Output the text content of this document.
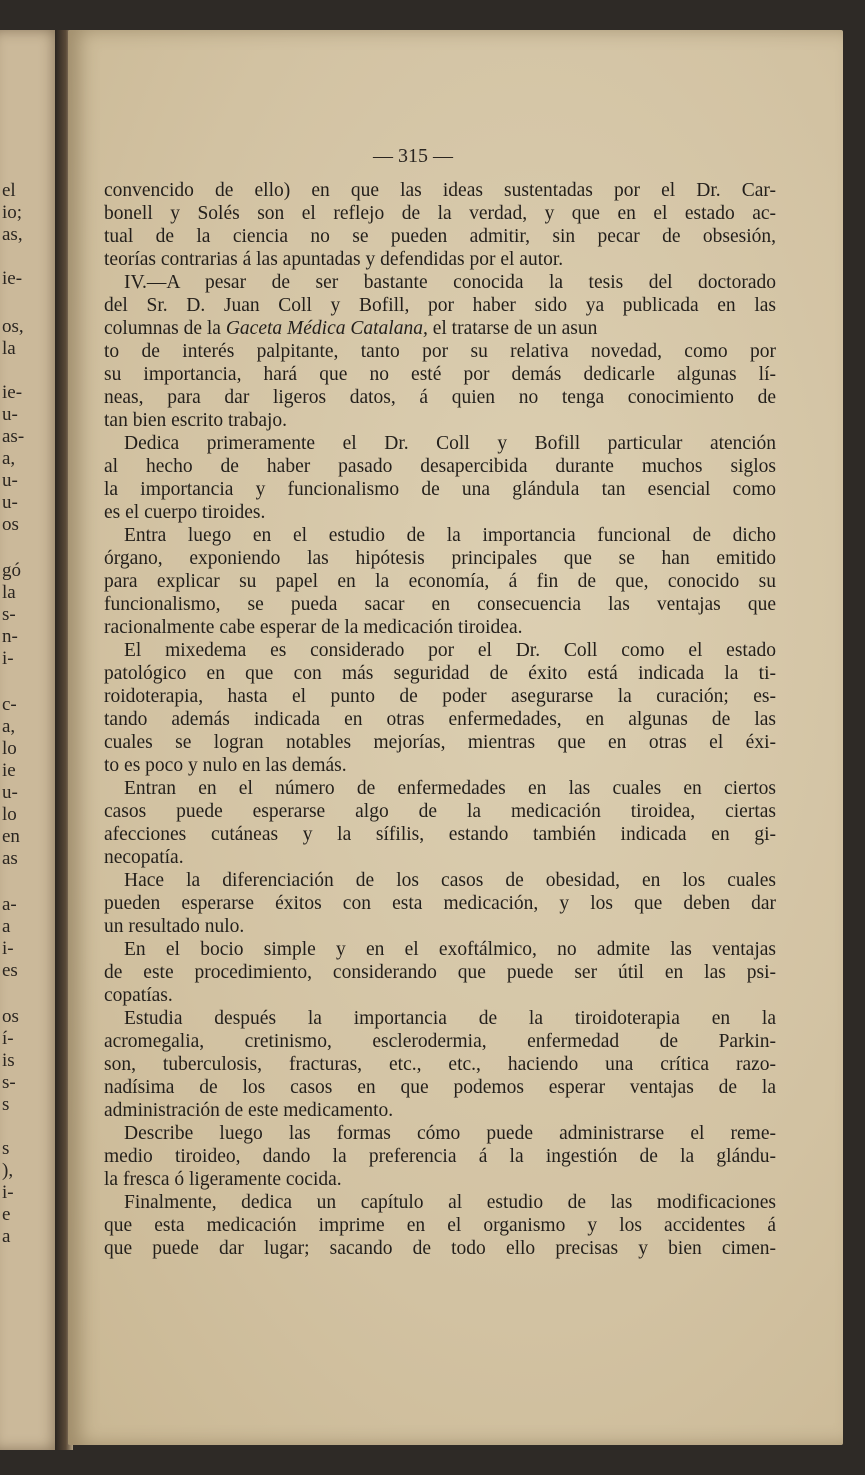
el
io;
as,
ie-
os,
la
ie-
u-
as-
a,
u-
u-
os
gó
la
s-
n-
i-
c-
a,
lo
ie
u-
lo
en
as
a-
a
i-
es
os
í-
is
s-
s
s
),
i-
e
a
— 315 —
convencido de ello) en que las ideas sustentadas por el Dr. Car-
bonell y Solés son el reflejo de la verdad, y que en el estado ac-
tual de la ciencia no se pueden admitir, sin pecar de obsesión,
teorías contrarias á las apuntadas y defendidas por el autor.
IV.—A pesar de ser bastante conocida la tesis del doctorado
del Sr. D. Juan Coll y Bofill, por haber sido ya publicada en las
columnas de la Gaceta Médica Catalana, el tratarse de un asun
to de interés palpitante, tanto por su relativa novedad, como por
su importancia, hará que no esté por demás dedicarle algunas lí-
neas, para dar ligeros datos, á quien no tenga conocimiento de
tan bien escrito trabajo.
Dedica primeramente el Dr. Coll y Bofill particular atención
al hecho de haber pasado desapercibida durante muchos siglos
la importancia y funcionalismo de una glándula tan esencial como
es el cuerpo tiroides.
Entra luego en el estudio de la importancia funcional de dicho
órgano, exponiendo las hipótesis principales que se han emitido
para explicar su papel en la economía, á fin de que, conocido su
funcionalismo, se pueda sacar en consecuencia las ventajas que
racionalmente cabe esperar de la medicación tiroidea.
El mixedema es considerado por el Dr. Coll como el estado
patológico en que con más seguridad de éxito está indicada la ti-
roidoterapia, hasta el punto de poder asegurarse la curación; es-
tando además indicada en otras enfermedades, en algunas de las
cuales se logran notables mejorías, mientras que en otras el éxi-
to es poco y nulo en las demás.
Entran en el número de enfermedades en las cuales en ciertos
casos puede esperarse algo de la medicación tiroidea, ciertas
afecciones cutáneas y la sífilis, estando también indicada en gi-
necopatía.
Hace la diferenciación de los casos de obesidad, en los cuales
pueden esperarse éxitos con esta medicación, y los que deben dar
un resultado nulo.
En el bocio simple y en el exoftálmico, no admite las ventajas
de este procedimiento, considerando que puede ser útil en las psi-
copatías.
Estudia después la importancia de la tiroidoterapia en la
acromegalia, cretinismo, esclerodermia, enfermedad de Parkin-
son, tuberculosis, fracturas, etc., etc., haciendo una crítica razo-
nadísima de los casos en que podemos esperar ventajas de la
administración de este medicamento.
Describe luego las formas cómo puede administrarse el reme-
medio tiroideo, dando la preferencia á la ingestión de la glándu-
la fresca ó ligeramente cocida.
Finalmente, dedica un capítulo al estudio de las modificaciones
que esta medicación imprime en el organismo y los accidentes á
que puede dar lugar; sacando de todo ello precisas y bien cimen-
